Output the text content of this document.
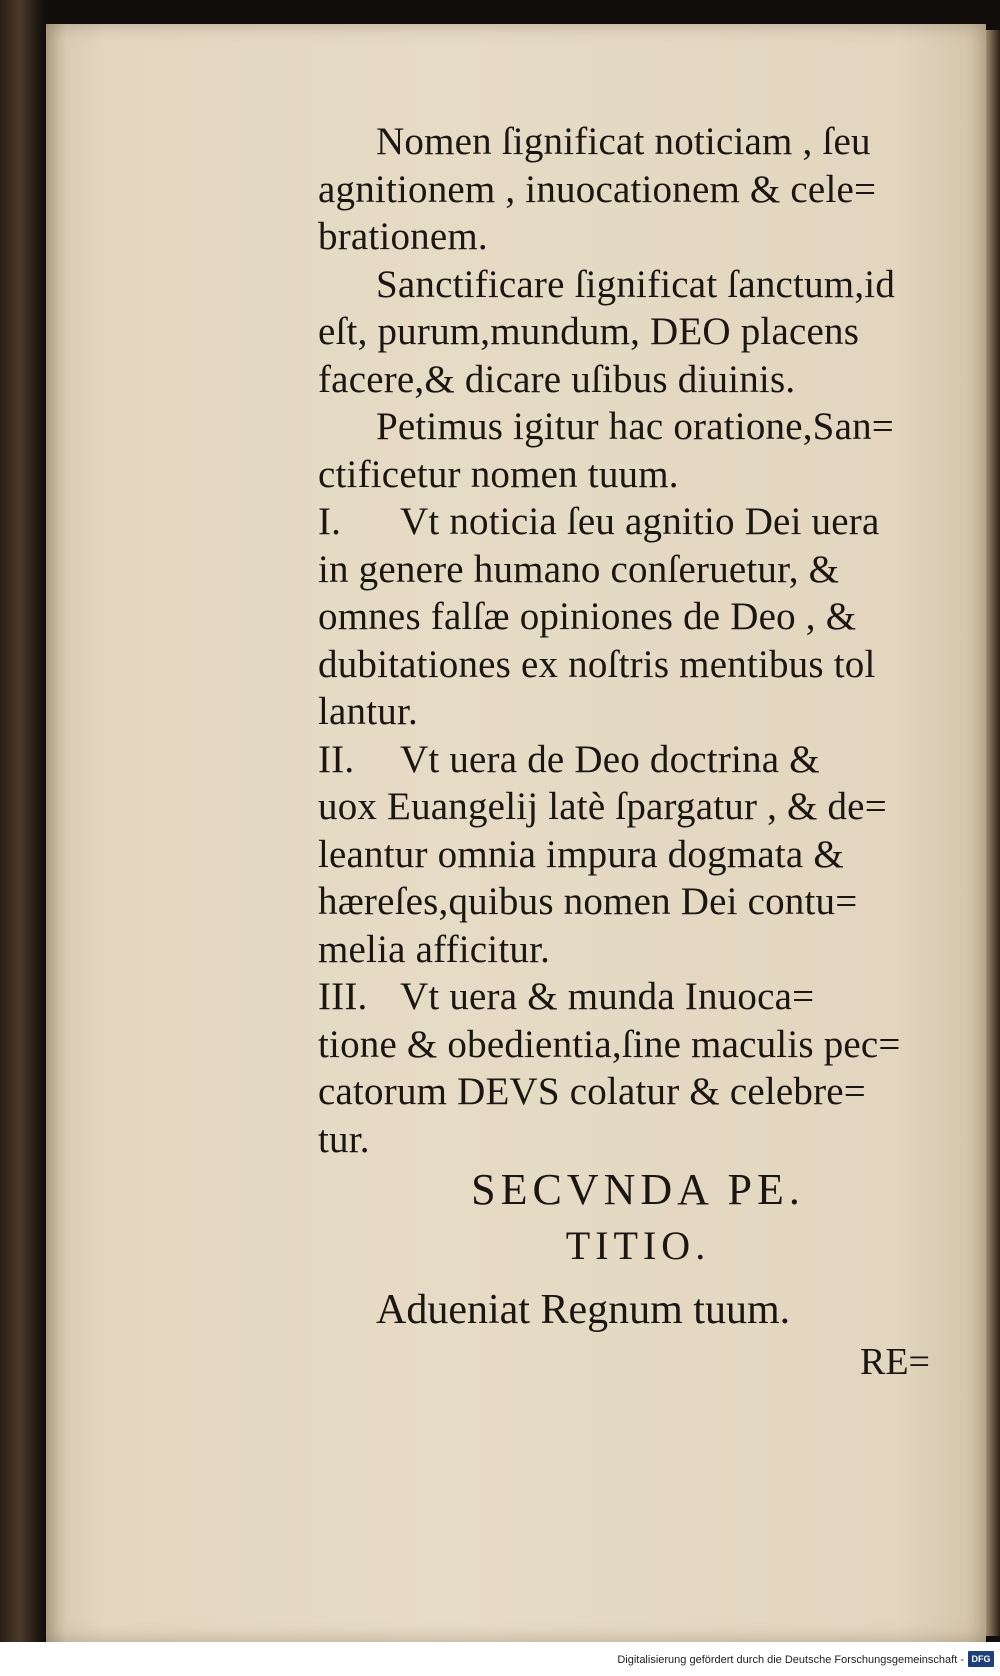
Nomen ſignificat noticiam , ſeu
agnitionem , inuocationem & cele=
brationem.
Sanctificare ſignificat ſanctum,id
eſt, purum,mundum, DEO placens
facere,& dicare uſibus diuinis.
Petimus igitur hac oratione,San=
ctificetur nomen tuum.
I. Vt noticia ſeu agnitio Dei uera
in genere humano conſeruetur, &
omnes falſæ opiniones de Deo , &
dubitationes ex noſtris mentibus tol
lantur.
II. Vt uera de Deo doctrina &
uox Euangelij latè ſpargatur , & de=
leantur omnia impura dogmata &
hæreſes,quibus nomen Dei contu=
melia afficitur.
III. Vt uera & munda Inuoca=
tione & obedientia,ſine maculis pec=
catorum DEVS colatur & celebre=
tur.
SECVNDA PE.
TITIO.
Adueniat Regnum tuum.
RE=
Digitalisierung gefördert durch die Deutsche Forschungsgemeinschaft - DFG
